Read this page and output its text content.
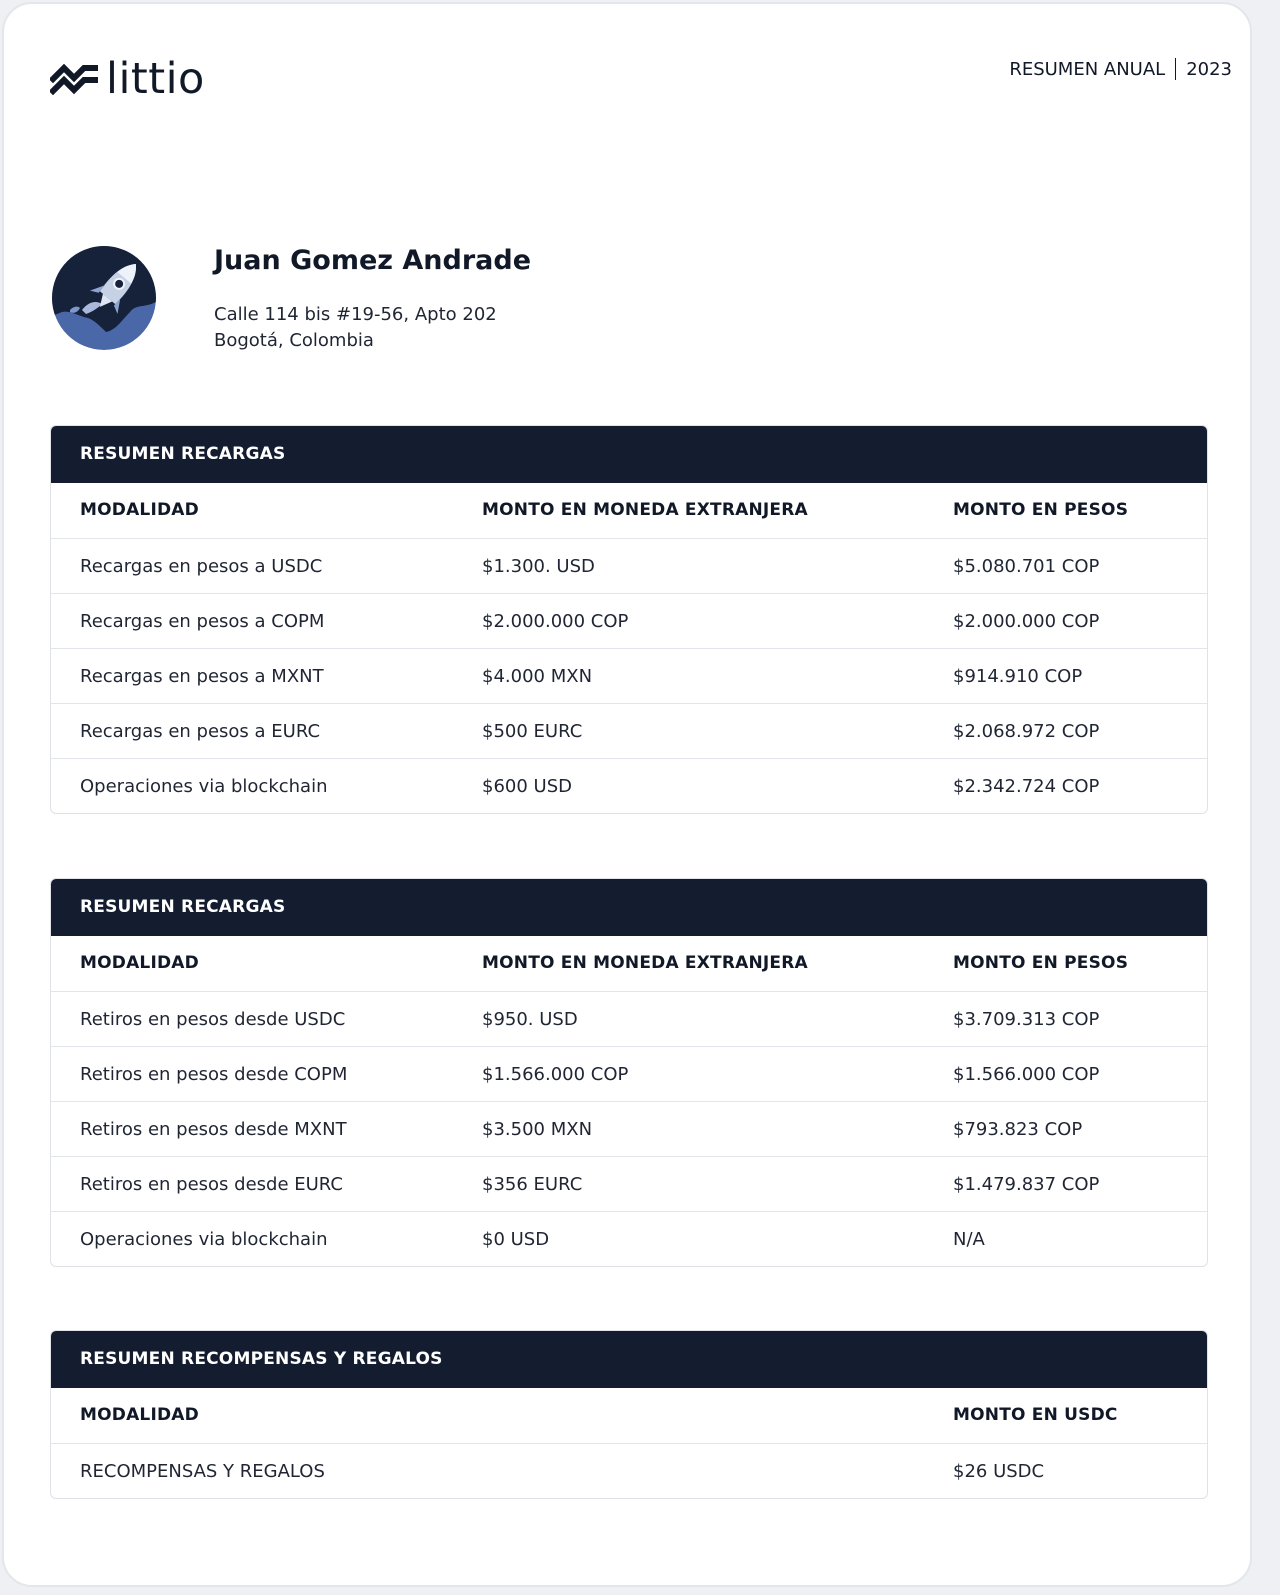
littio	RESUMEN ANUAL 2023
Juan Gomez Andrade
Calle 114 bis #19-56, Apto 202
Bogotá, Colombia
RESUMEN RECARGAS
MODALIDAD	MONTO EN MONEDA EXTRANJERA	MONTO EN PESOS
Recargas en pesos a USDC	$1.300. USD	$5.080.701 COP
Recargas en pesos a COPM	$2.000.000 COP	$2.000.000 COP
Recargas en pesos a MXNT	$4.000 MXN	$914.910 COP
Recargas en pesos a EURC	$500 EURC	$2.068.972 COP
Operaciones via blockchain	$600 USD	$2.342.724 COP
RESUMEN RECARGAS
MODALIDAD	MONTO EN MONEDA EXTRANJERA	MONTO EN PESOS
Retiros en pesos desde USDC	$950. USD	$3.709.313 COP
Retiros en pesos desde COPM	$1.566.000 COP	$1.566.000 COP
Retiros en pesos desde MXNT	$3.500 MXN	$793.823 COP
Retiros en pesos desde EURC	$356 EURC	$1.479.837 COP
Operaciones via blockchain	$0 USD	N/A
RESUMEN RECOMPENSAS Y REGALOS
MODALIDAD	MONTO EN USDC
RECOMPENSAS Y REGALOS	$26 USDC
